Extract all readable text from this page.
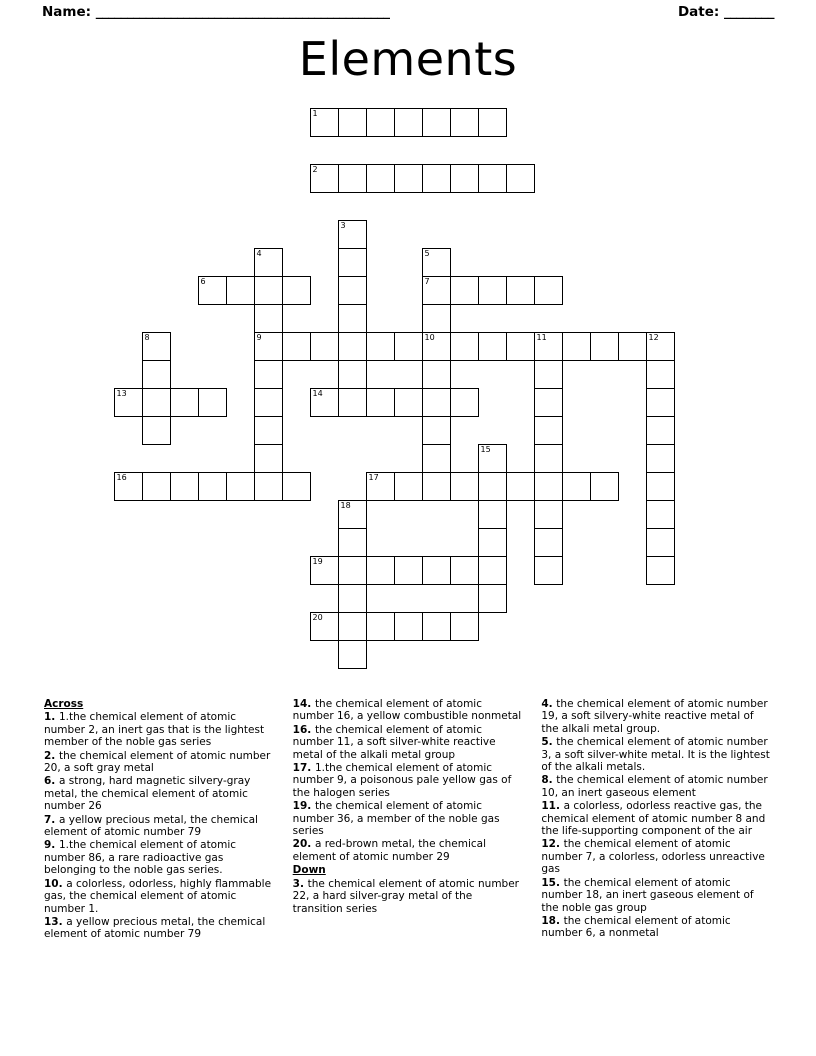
Name: _______________________________________________	Date: ________
Elements
1
2
3
4	5
6	7
8	9	10	11	12
13	14
15
16	17
18
19
20
Across
1. 1.the chemical element of atomic number 2, an inert gas that is the lightest member of the noble gas series
2. the chemical element of atomic number 20, a soft gray metal
6. a strong, hard magnetic silvery-gray metal, the chemical element of atomic number 26
7. a yellow precious metal, the chemical element of atomic number 79
9. 1.the chemical element of atomic number 86, a rare radioactive gas belonging to the noble gas series.
10. a colorless, odorless, highly flammable gas, the chemical element of atomic number 1.
13. a yellow precious metal, the chemical element of atomic number 79
14. the chemical element of atomic number 16, a yellow combustible nonmetal
16. the chemical element of atomic number 11, a soft silver-white reactive metal of the alkali metal group
17. 1.the chemical element of atomic number 9, a poisonous pale yellow gas of the halogen series
19. the chemical element of atomic number 36, a member of the noble gas series
20. a red-brown metal, the chemical element of atomic number 29
Down
3. the chemical element of atomic number 22, a hard silver-gray metal of the transition series
4. the chemical element of atomic number 19, a soft silvery-white reactive metal of the alkali metal group.
5. the chemical element of atomic number 3, a soft silver-white metal. It is the lightest of the alkali metals.
8. the chemical element of atomic number 10, an inert gaseous element
11. a colorless, odorless reactive gas, the chemical element of atomic number 8 and the life-supporting component of the air
12. the chemical element of atomic number 7, a colorless, odorless unreactive gas
15. the chemical element of atomic number 18, an inert gaseous element of the noble gas group
18. the chemical element of atomic number 6, a nonmetal
